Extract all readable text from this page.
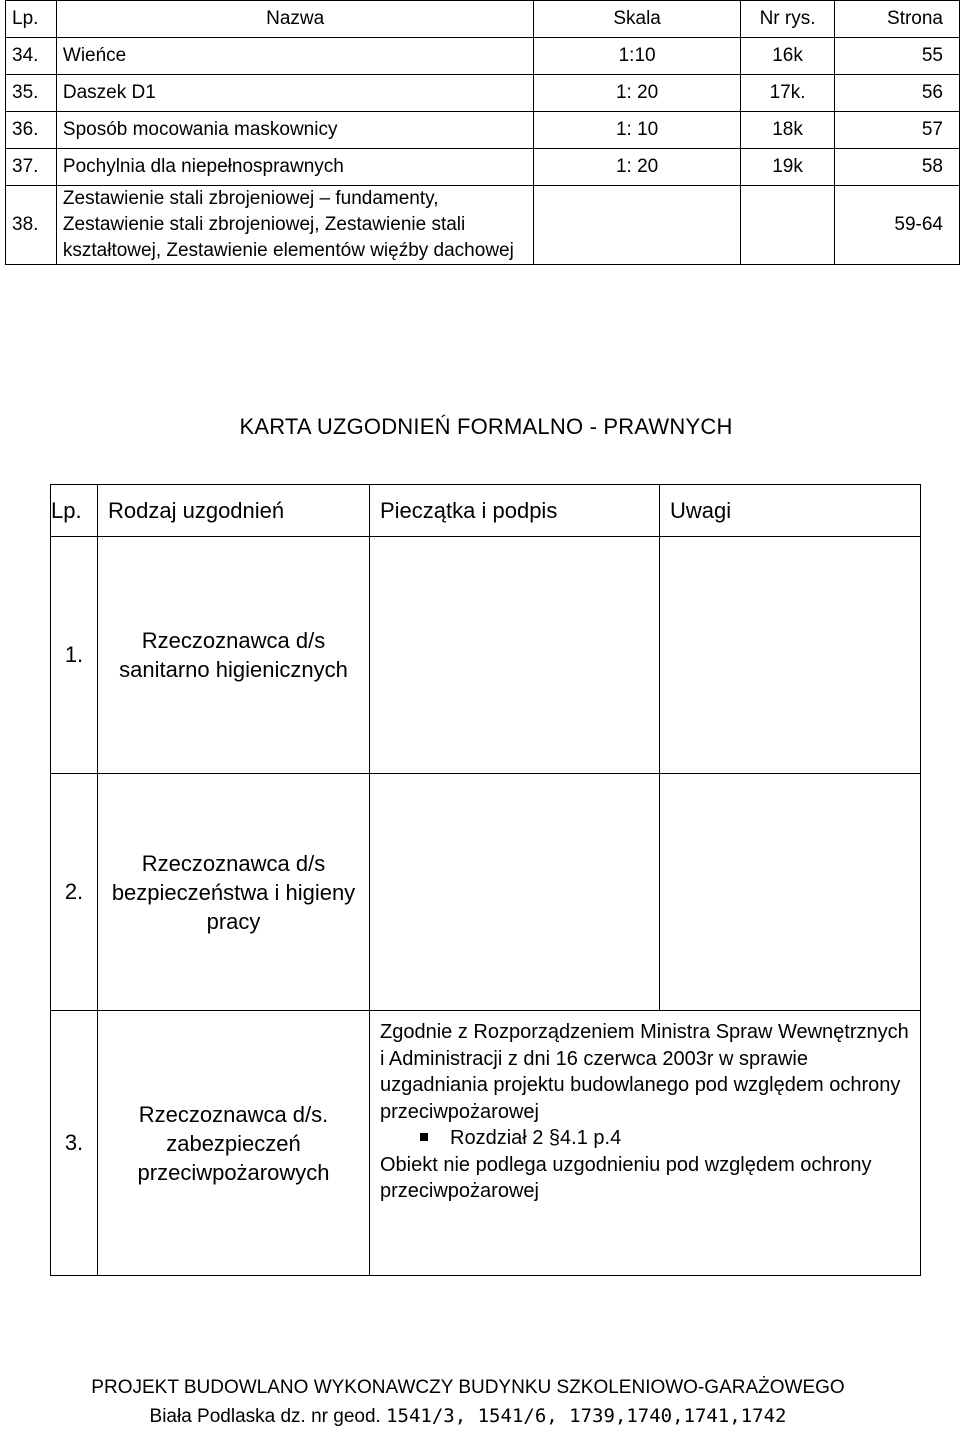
Lp.	Nazwa	Skala	Nr rys.	Strona
34.	Wieńce	1:10	16k	55
35.	Daszek D1	1: 20	17k.	56
36.	Sposób mocowania maskownicy	1: 10	18k	57
37.	Pochylnia dla niepełnosprawnych	1: 20	19k	58
38.	Zestawienie stali zbrojeniowej – fundamenty, Zestawienie stali zbrojeniowej, Zestawienie stali kształtowej, Zestawienie elementów więźby dachowej			59-64
KARTA UZGODNIEŃ FORMALNO - PRAWNYCH
Lp.	Rodzaj uzgodnień	Pieczątka i podpis	Uwagi
1.	Rzeczoznawca d/s sanitarno higienicznych		
2.	Rzeczoznawca d/s bezpieczeństwa i higieny pracy		
3.	Rzeczoznawca d/s. zabezpieczeń przeciwpożarowych	Zgodnie z Rozporządzeniem Ministra Spraw Wewnętrznych i Administracji z dni 16 czerwca 2003r w sprawie uzgadniania projektu budowlanego pod względem ochrony przeciwpożarowej
Rozdział 2 §4.1 p.4
Obiekt nie podlega uzgodnieniu pod względem ochrony przeciwpożarowej	
PROJEKT BUDOWLANO WYKONAWCZY BUDYNKU SZKOLENIOWO-GARAŻOWEGO
Biała Podlaska dz. nr geod. 1541/3, 1541/6, 1739,1740,1741,1742
